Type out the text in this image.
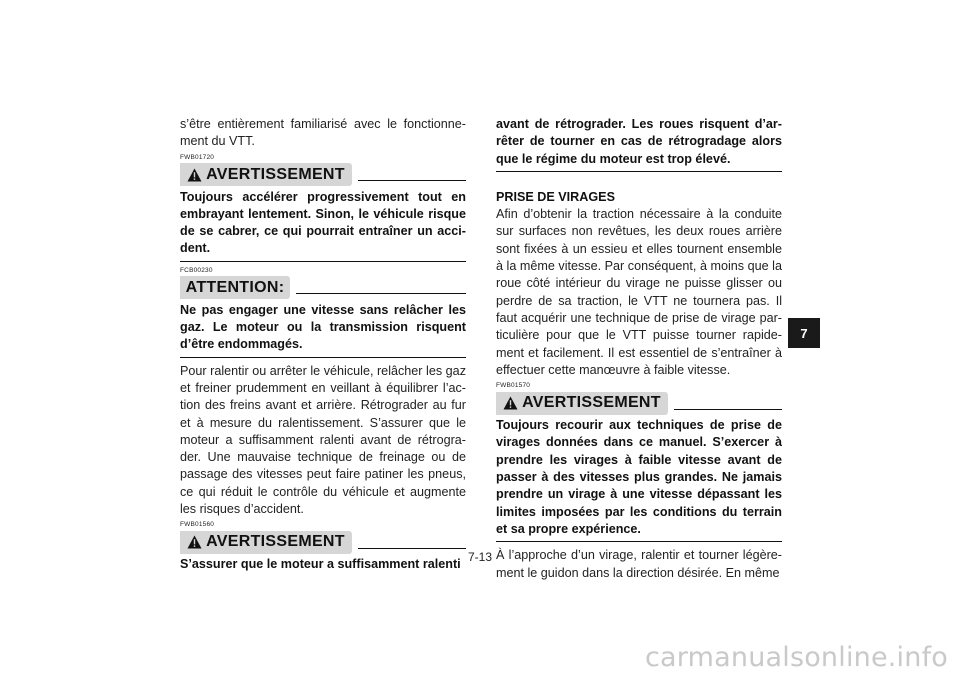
s’être entièrement familiarisé avec le fonctionne-ment du VTT.

FWB01720
AVERTISSEMENT

Toujours accélérer progressivement tout en embrayant lentement. Sinon, le véhicule risque de se cabrer, ce qui pourrait entraîner un acci-dent.

FCB00230
ATTENTION:

Ne pas engager une vitesse sans relâcher les gaz. Le moteur ou la transmission risquent d’être endommagés.

Pour ralentir ou arrêter le véhicule, relâcher les gaz et freiner prudemment en veillant à équilibrer l’ac-tion des freins avant et arrière. Rétrograder au fur et à mesure du ralentissement. S’assurer que le moteur a suffisamment ralenti avant de rétrogra-der. Une mauvaise technique de freinage ou de passage des vitesses peut faire patiner les pneus, ce qui réduit le contrôle du véhicule et augmente les risques d’accident.

FWB01560
AVERTISSEMENT

S’assurer que le moteur a suffisamment ralenti

avant de rétrograder. Les roues risquent d’ar-rêter de tourner en cas de rétrogradage alors que le régime du moteur est trop élevé.

PRISE DE VIRAGES

Afin d’obtenir la traction nécessaire à la conduite sur surfaces non revêtues, les deux roues arrière sont fixées à un essieu et elles tournent ensemble à la même vitesse. Par conséquent, à moins que la roue côté intérieur du virage ne puisse glisser ou perdre de sa traction, le VTT ne tournera pas. Il faut acquérir une technique de prise de virage par-ticulière pour que le VTT puisse tourner rapide-ment et facilement. Il est essentiel de s’entraîner à effectuer cette manœuvre à faible vitesse.

FWB01570
AVERTISSEMENT

Toujours recourir aux techniques de prise de virages données dans ce manuel. S’exercer à prendre les virages à faible vitesse avant de passer à des vitesses plus grandes. Ne jamais prendre un virage à une vitesse dépassant les limites imposées par les conditions du terrain et sa propre expérience.

À l’approche d’un virage, ralentir et tourner légère-ment le guidon dans la direction désirée. En même

7
7-13
carmanualsonline.info
